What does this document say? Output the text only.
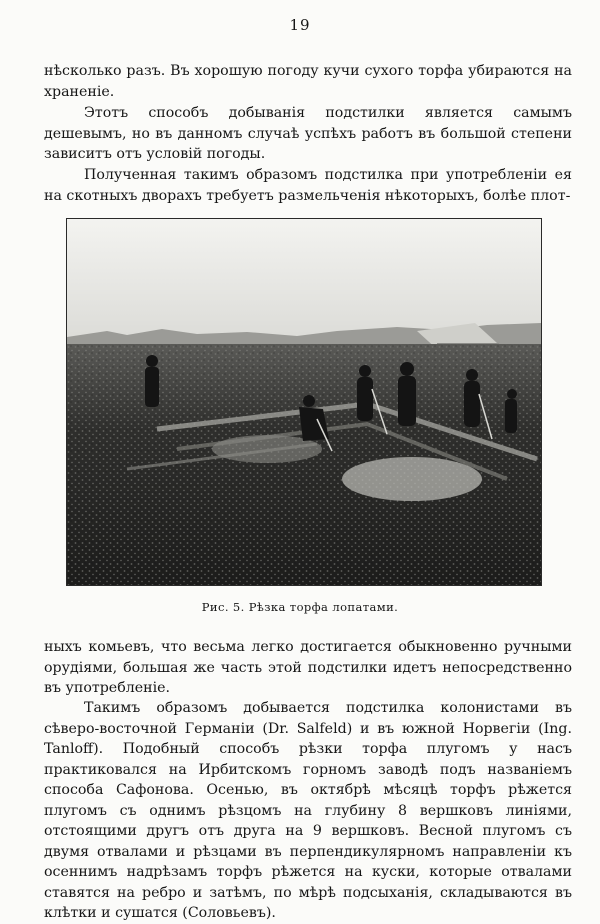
19

нѣсколько разъ. Въ хорошую погоду кучи сухого торфа убираются на храненіе.

Этотъ способъ добыванія подстилки является самымъ дешевымъ, но въ данномъ случаѣ успѣхъ работъ въ большой степени зависитъ отъ условій погоды.

Полученная такимъ образомъ подстилка при употребленіи ея на скотныхъ дворахъ требуетъ размельченія нѣкоторыхъ, болѣе плот-

Рис. 5. Рѣзка торфа лопатами.

ныхъ комьевъ, что весьма легко достигается обыкновенно ручными орудіями, большая же часть этой подстилки идетъ непосредственно въ употребленіе.

Такимъ образомъ добывается подстилка колонистами въ сѣверо-восточной Германіи (Dr. Salfeld) и въ южной Норвегіи (Ing. Tanloff). Подобный способъ рѣзки торфа плугомъ у насъ практиковался на Ирбитскомъ горномъ заводѣ подъ названіемъ способа Сафонова. Осенью, въ октябрѣ мѣсяцѣ торфъ рѣжется плугомъ съ однимъ рѣзцомъ на глубину 8 вершковъ линіями, отстоящими другъ отъ друга на 9 вершковъ. Весной плугомъ съ двумя отвалами и рѣзцами въ перпендикулярномъ направленіи къ осеннимъ надрѣзамъ торфъ рѣжется на куски, которые отвалами ставятся на ребро и затѣмъ, по мѣрѣ подсыханія, складываются въ клѣтки и сушатся (Соловьевъ).
